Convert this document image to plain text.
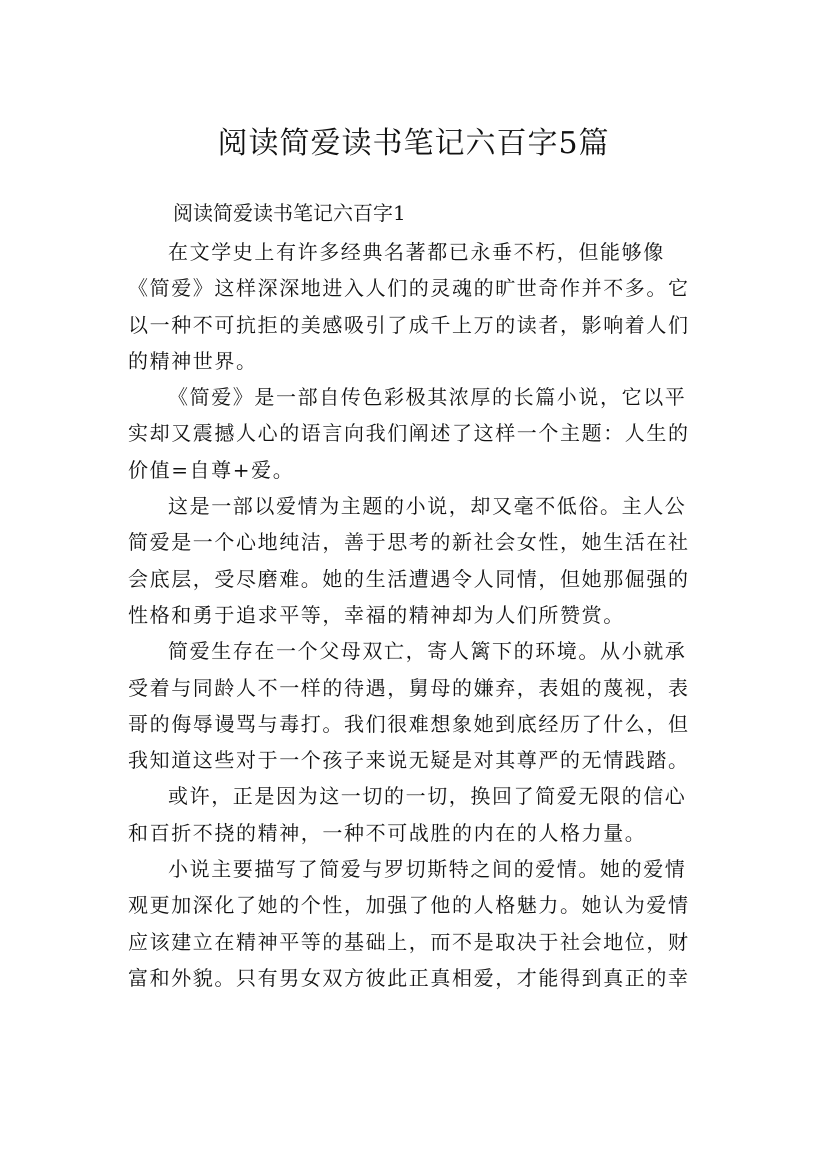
阅读简爱读书笔记六百字5篇

阅读简爱读书笔记六百字1

在文学史上有许多经典名著都已永垂不朽，但能够像
《简爱》这样深深地进入人们的灵魂的旷世奇作并不多。它
以一种不可抗拒的美感吸引了成千上万的读者，影响着人们
的精神世界。

《简爱》是一部自传色彩极其浓厚的长篇小说，它以平
实却又震撼人心的语言向我们阐述了这样一个主题：人生的
价值=自尊+爱。

这是一部以爱情为主题的小说，却又毫不低俗。主人公
简爱是一个心地纯洁，善于思考的新社会女性，她生活在社
会底层，受尽磨难。她的生活遭遇令人同情，但她那倔强的
性格和勇于追求平等，幸福的精神却为人们所赞赏。

简爱生存在一个父母双亡，寄人篱下的环境。从小就承
受着与同龄人不一样的待遇，舅母的嫌弃，表姐的蔑视，表
哥的侮辱谩骂与毒打。我们很难想象她到底经历了什么，但
我知道这些对于一个孩子来说无疑是对其尊严的无情践踏。

或许，正是因为这一切的一切，换回了简爱无限的信心
和百折不挠的精神，一种不可战胜的内在的人格力量。

小说主要描写了简爱与罗切斯特之间的爱情。她的爱情
观更加深化了她的个性，加强了他的人格魅力。她认为爱情
应该建立在精神平等的基础上，而不是取决于社会地位，财
富和外貌。只有男女双方彼此正真相爱，才能得到真正的幸
